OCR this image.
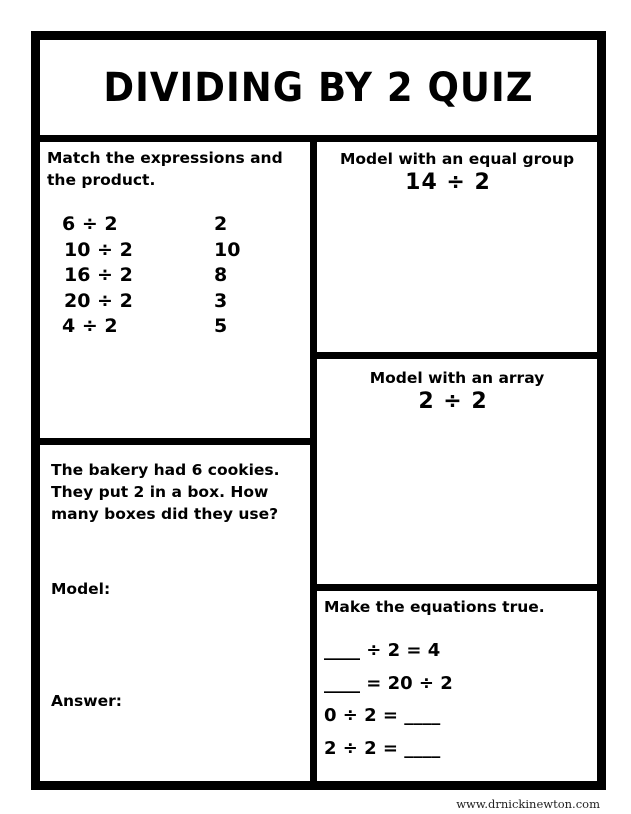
DIVIDING BY 2 QUIZ
Match the expressions and the product.
6 ÷ 2
10 ÷ 2
16 ÷ 2
20 ÷ 2
4 ÷ 2
2
10
8
3
5
Model with an equal group
14 ÷ 2
Model with an array
2 ÷ 2
The bakery had 6 cookies. They put 2 in a box. How many boxes did they use?
Model:
Answer:
Make the equations true.
____ ÷ 2 = 4
____ = 20 ÷ 2
0 ÷ 2 = ____
2 ÷ 2 = ____
www.drnickinewton.com
